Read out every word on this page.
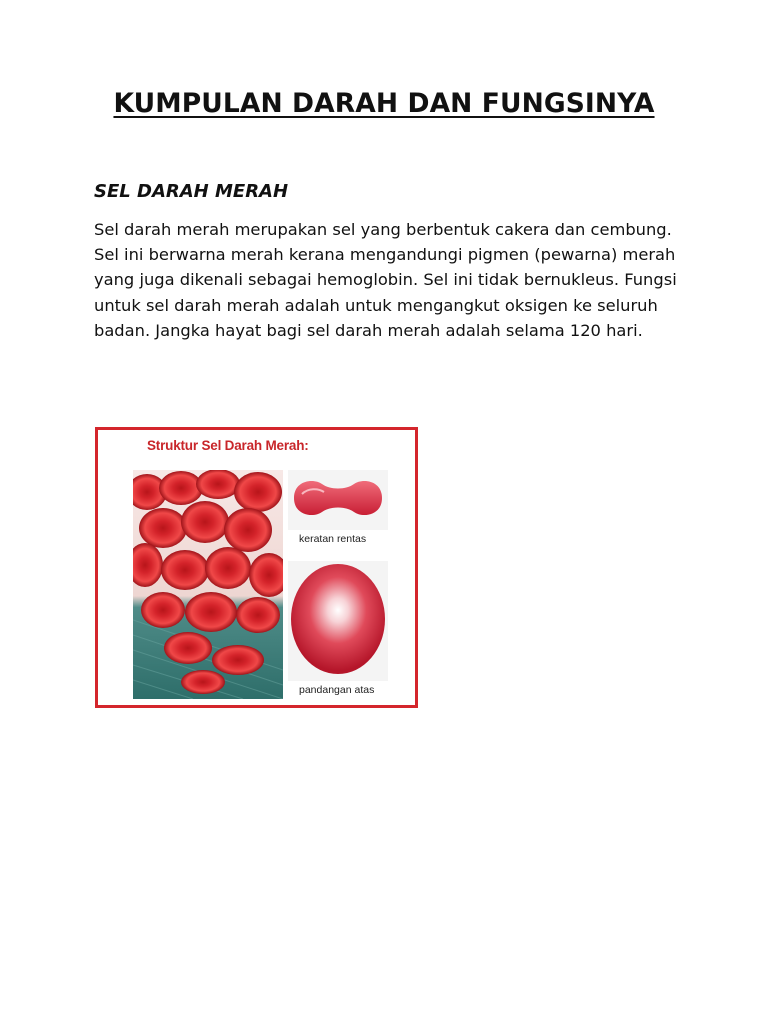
KUMPULAN DARAH DAN FUNGSINYA
SEL DARAH MERAH

Sel darah merah merupakan sel yang berbentuk cakera dan cembung. Sel ini berwarna merah kerana mengandungi pigmen (pewarna) merah yang juga dikenali sebagai hemoglobin. Sel ini tidak bernukleus. Fungsi untuk sel darah merah adalah untuk mengangkut oksigen ke seluruh badan. Jangka hayat bagi sel darah merah adalah selama 120 hari.

Struktur Sel Darah Merah:
keratan rentas
pandangan atas
